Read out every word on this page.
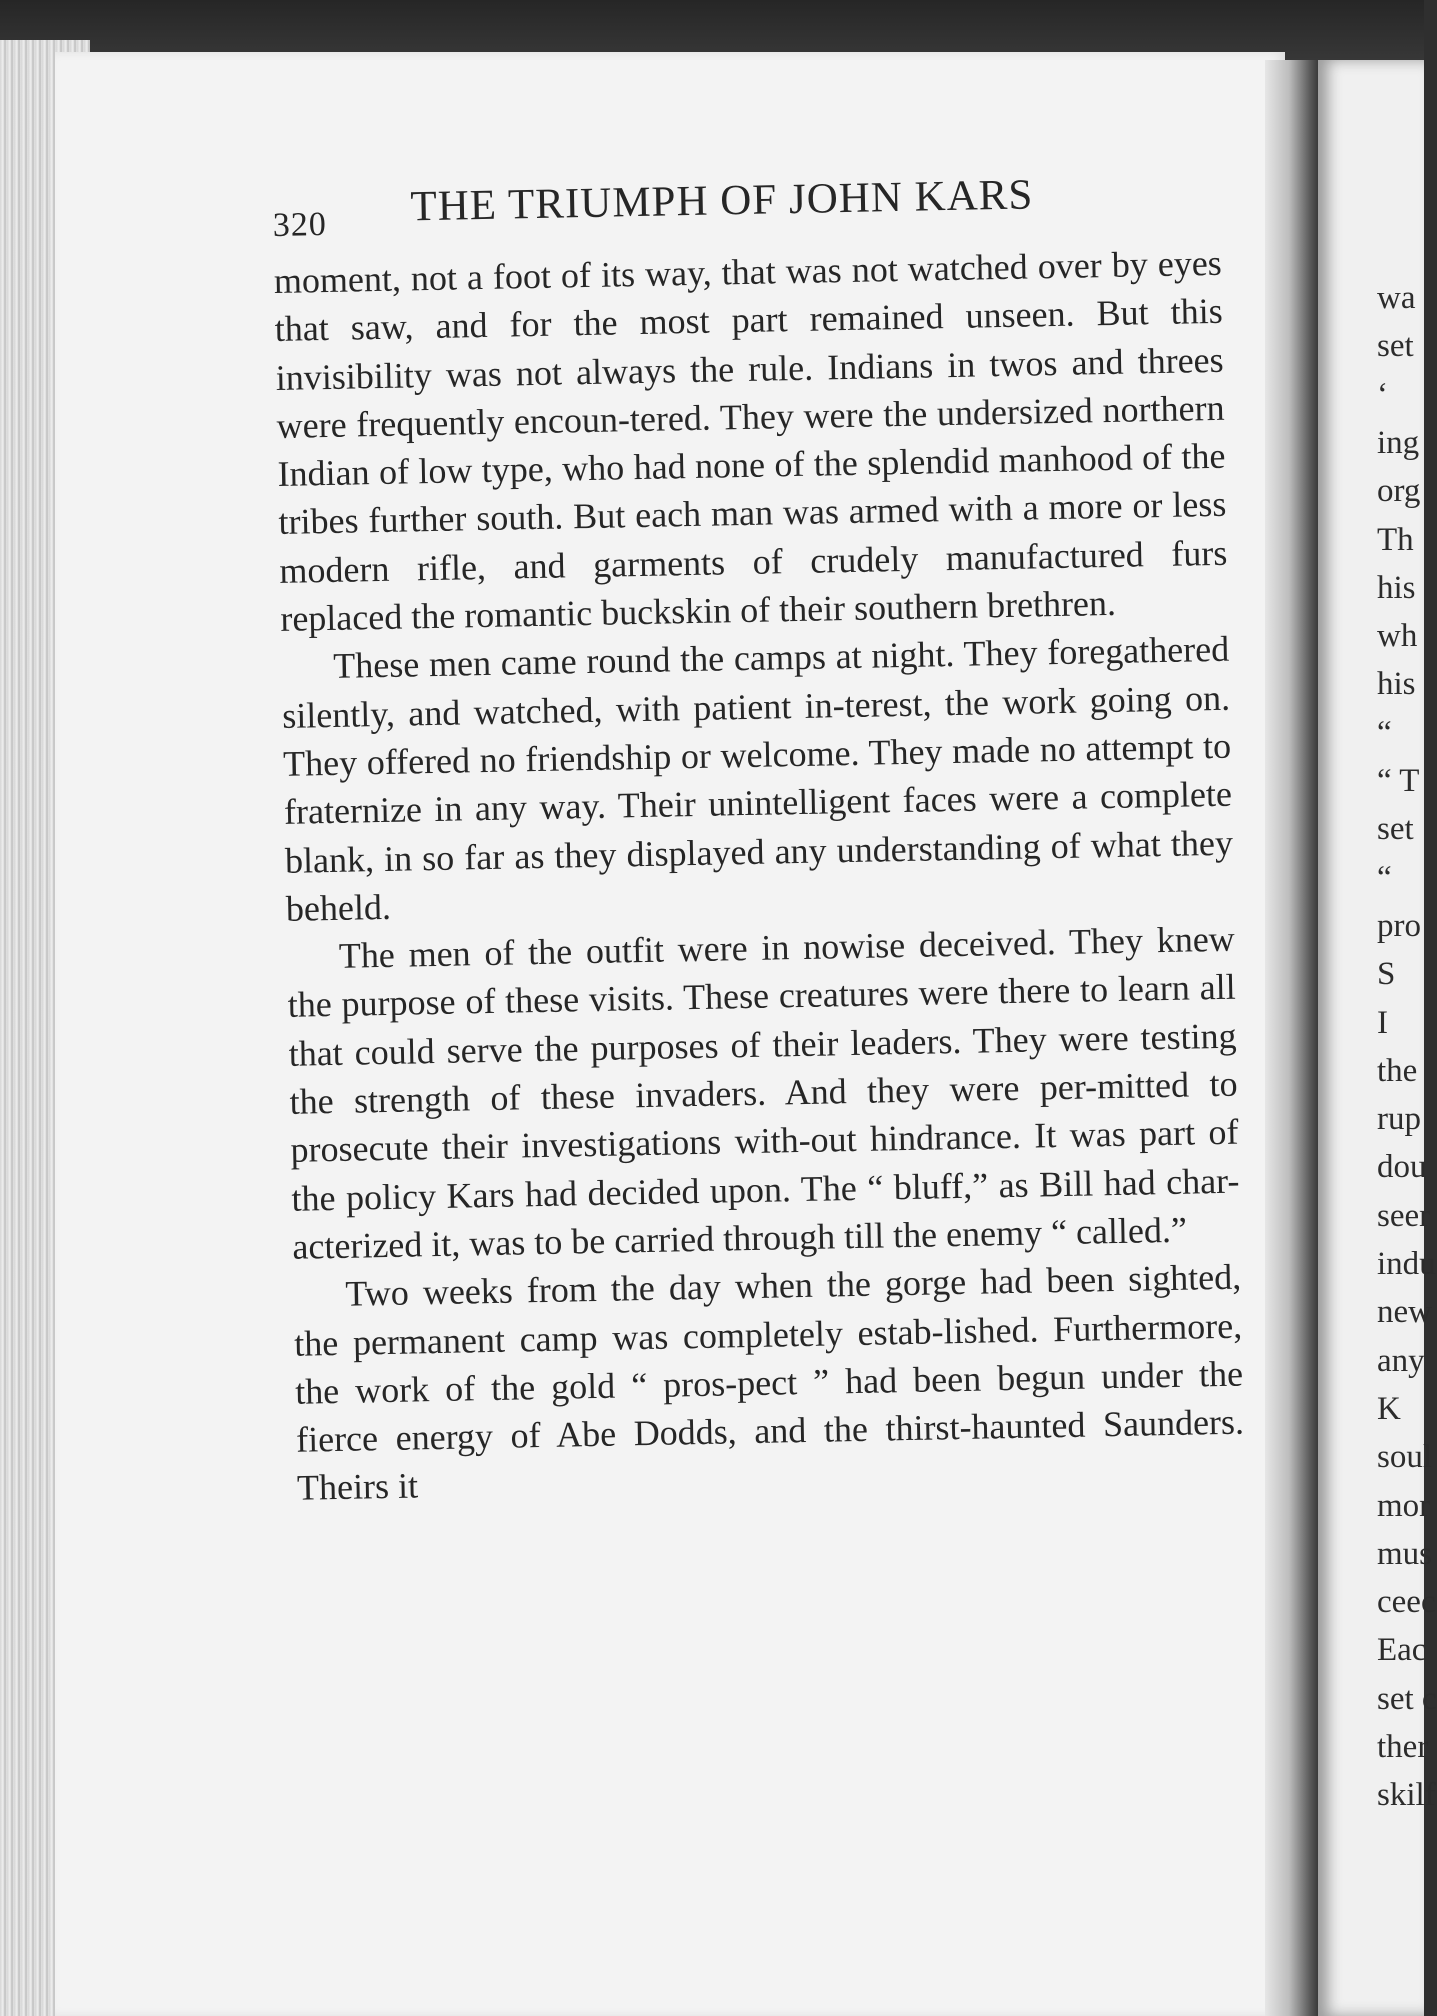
wa
set
‘
ing
org
Th
his
wh
his
“
“ T
set
“
pro
S
I
the
rup
dou
seer
indu
new
any
K
soul
mor
mus
ceec
Eac
set c
ther
skilf
320 THE TRIUMPH OF JOHN KARS

moment, not a foot of its way, that was not watched over by eyes that saw, and for the most part remained unseen. But this invisibility was not always the rule. Indians in twos and threes were frequently encoun-tered. They were the undersized northern Indian of low type, who had none of the splendid manhood of the tribes further south. But each man was armed with a more or less modern rifle, and garments of crudely manufactured furs replaced the romantic buckskin of their southern brethren.

These men came round the camps at night. They foregathered silently, and watched, with patient in-terest, the work going on. They offered no friendship or welcome. They made no attempt to fraternize in any way. Their unintelligent faces were a complete blank, in so far as they displayed any understanding of what they beheld.

The men of the outfit were in nowise deceived. They knew the purpose of these visits. These creatures were there to learn all that could serve the purposes of their leaders. They were testing the strength of these invaders. And they were per-mitted to prosecute their investigations with-out hindrance. It was part of the policy Kars had decided upon. The “ bluff,” as Bill had char-acterized it, was to be carried through till the enemy “ called.”

Two weeks from the day when the gorge had been sighted, the permanent camp was completely estab-lished. Furthermore, the work of the gold “ pros-pect ” had been begun under the fierce energy of Abe Dodds, and the thirst-haunted Saunders. Theirs it
